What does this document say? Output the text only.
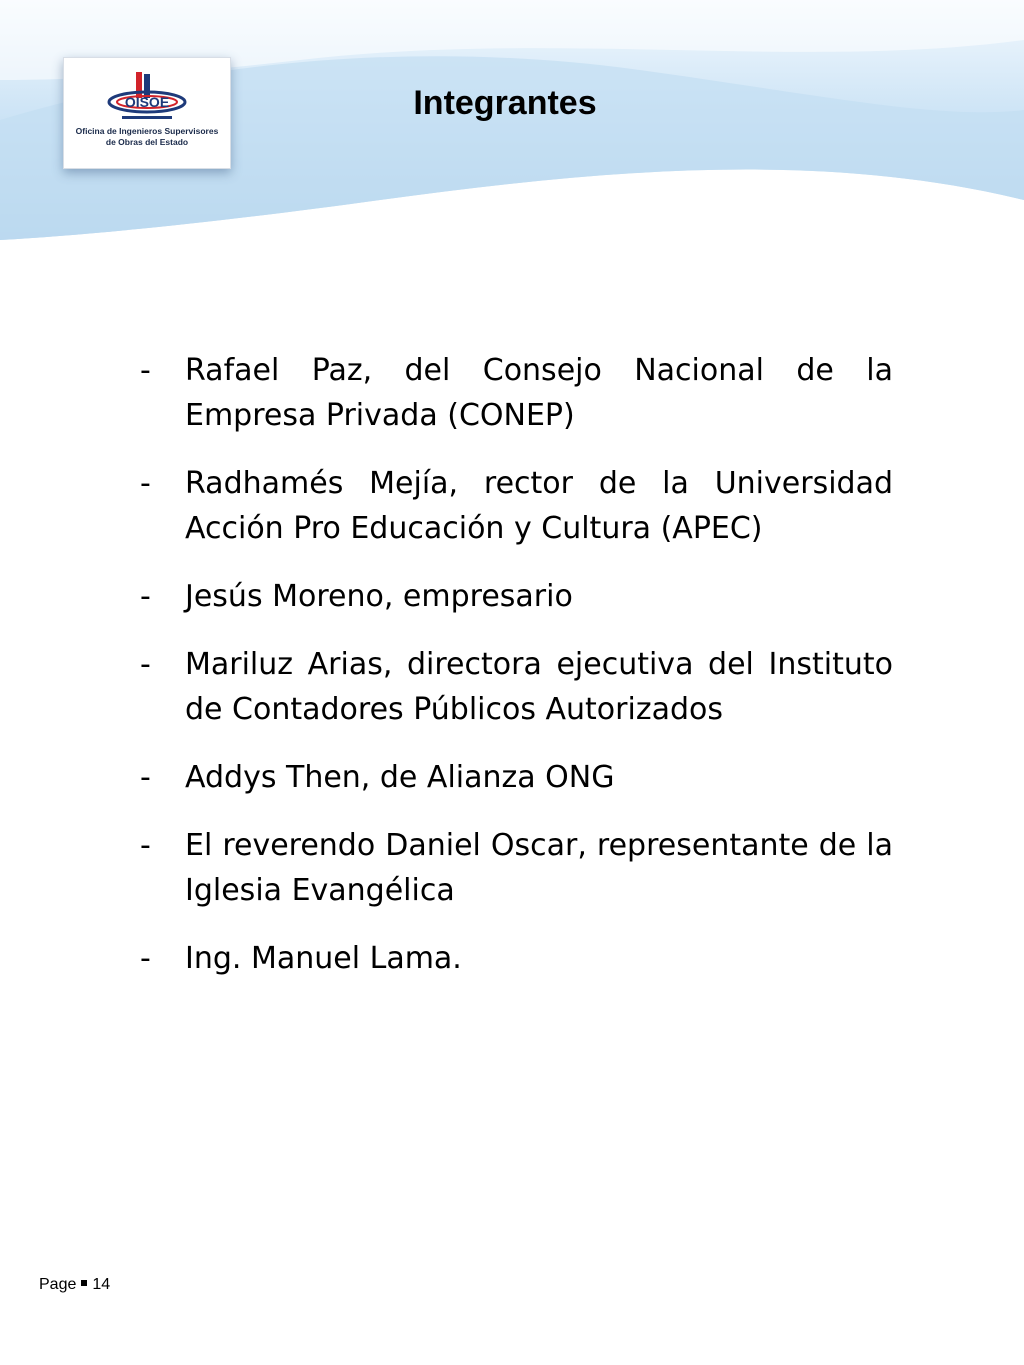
OISOE
Oficina de Ingenieros Supervisores
de Obras del Estado
Integrantes
- Rafael Paz, del Consejo Nacional de la Empresa Privada (CONEP)
- Radhamés Mejía, rector de la Universidad Acción Pro Educación y Cultura (APEC)
- Jesús Moreno, empresario
- Mariluz Arias, directora ejecutiva del Instituto de Contadores Públicos Autorizados
- Addys Then, de Alianza ONG
- El reverendo Daniel Oscar, representante de la Iglesia Evangélica
- Ing. Manuel Lama.
Page 14
